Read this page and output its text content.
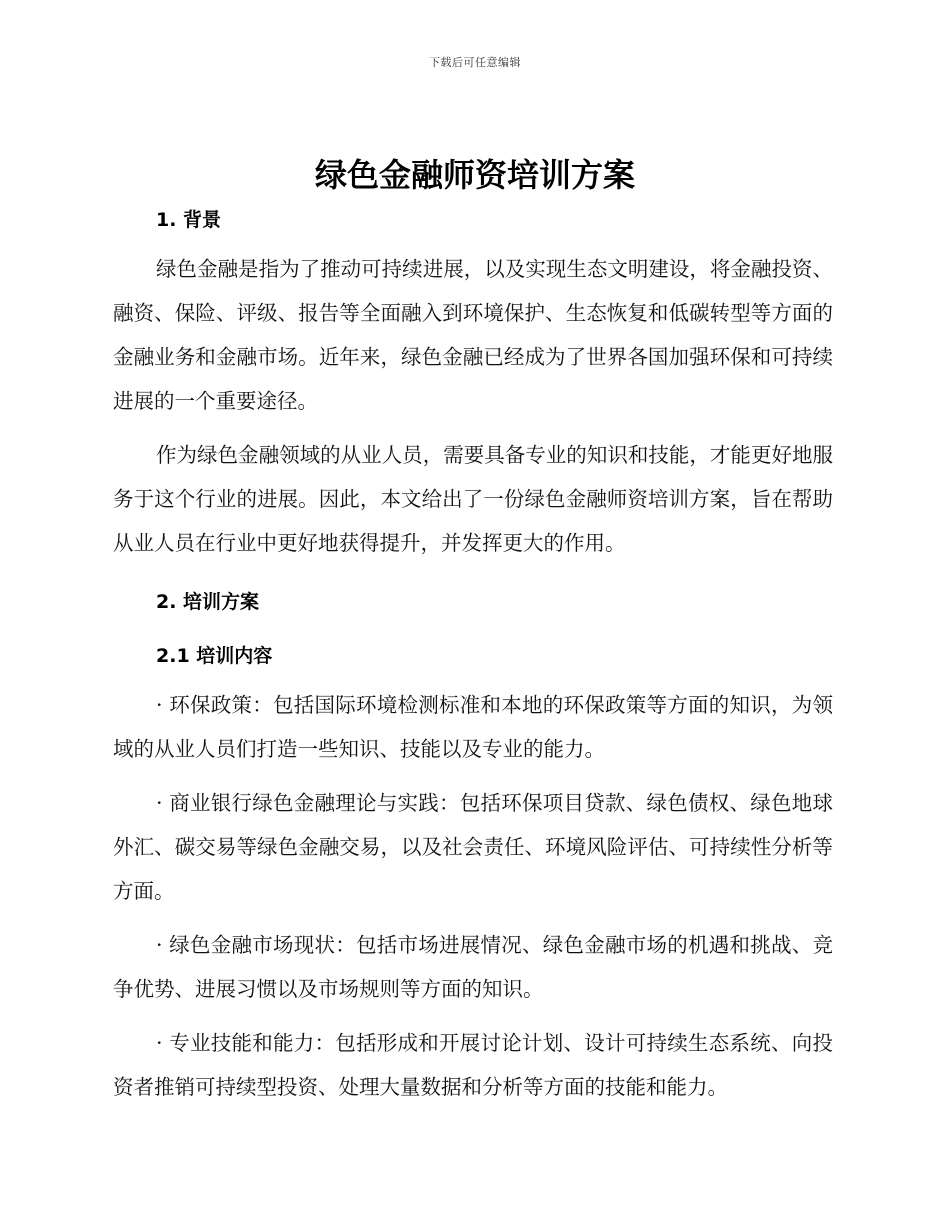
下载后可任意编辑
绿色金融师资培训方案
1. 背景

绿色金融是指为了推动可持续进展，以及实现生态文明建设，将金融投资、融资、保险、评级、报告等全面融入到环境保护、生态恢复和低碳转型等方面的金融业务和金融市场。近年来，绿色金融已经成为了世界各国加强环保和可持续进展的一个重要途径。

作为绿色金融领域的从业人员，需要具备专业的知识和技能，才能更好地服务于这个行业的进展。因此，本文给出了一份绿色金融师资培训方案，旨在帮助从业人员在行业中更好地获得提升，并发挥更大的作用。

2. 培训方案
2.1 培训内容

· 环保政策：包括国际环境检测标准和本地的环保政策等方面的知识，为领域的从业人员们打造一些知识、技能以及专业的能力。

· 商业银行绿色金融理论与实践：包括环保项目贷款、绿色债权、绿色地球外汇、碳交易等绿色金融交易，以及社会责任、环境风险评估、可持续性分析等方面。

· 绿色金融市场现状：包括市场进展情况、绿色金融市场的机遇和挑战、竞争优势、进展习惯以及市场规则等方面的知识。

· 专业技能和能力：包括形成和开展讨论计划、设计可持续生态系统、向投资者推销可持续型投资、处理大量数据和分析等方面的技能和能力。
